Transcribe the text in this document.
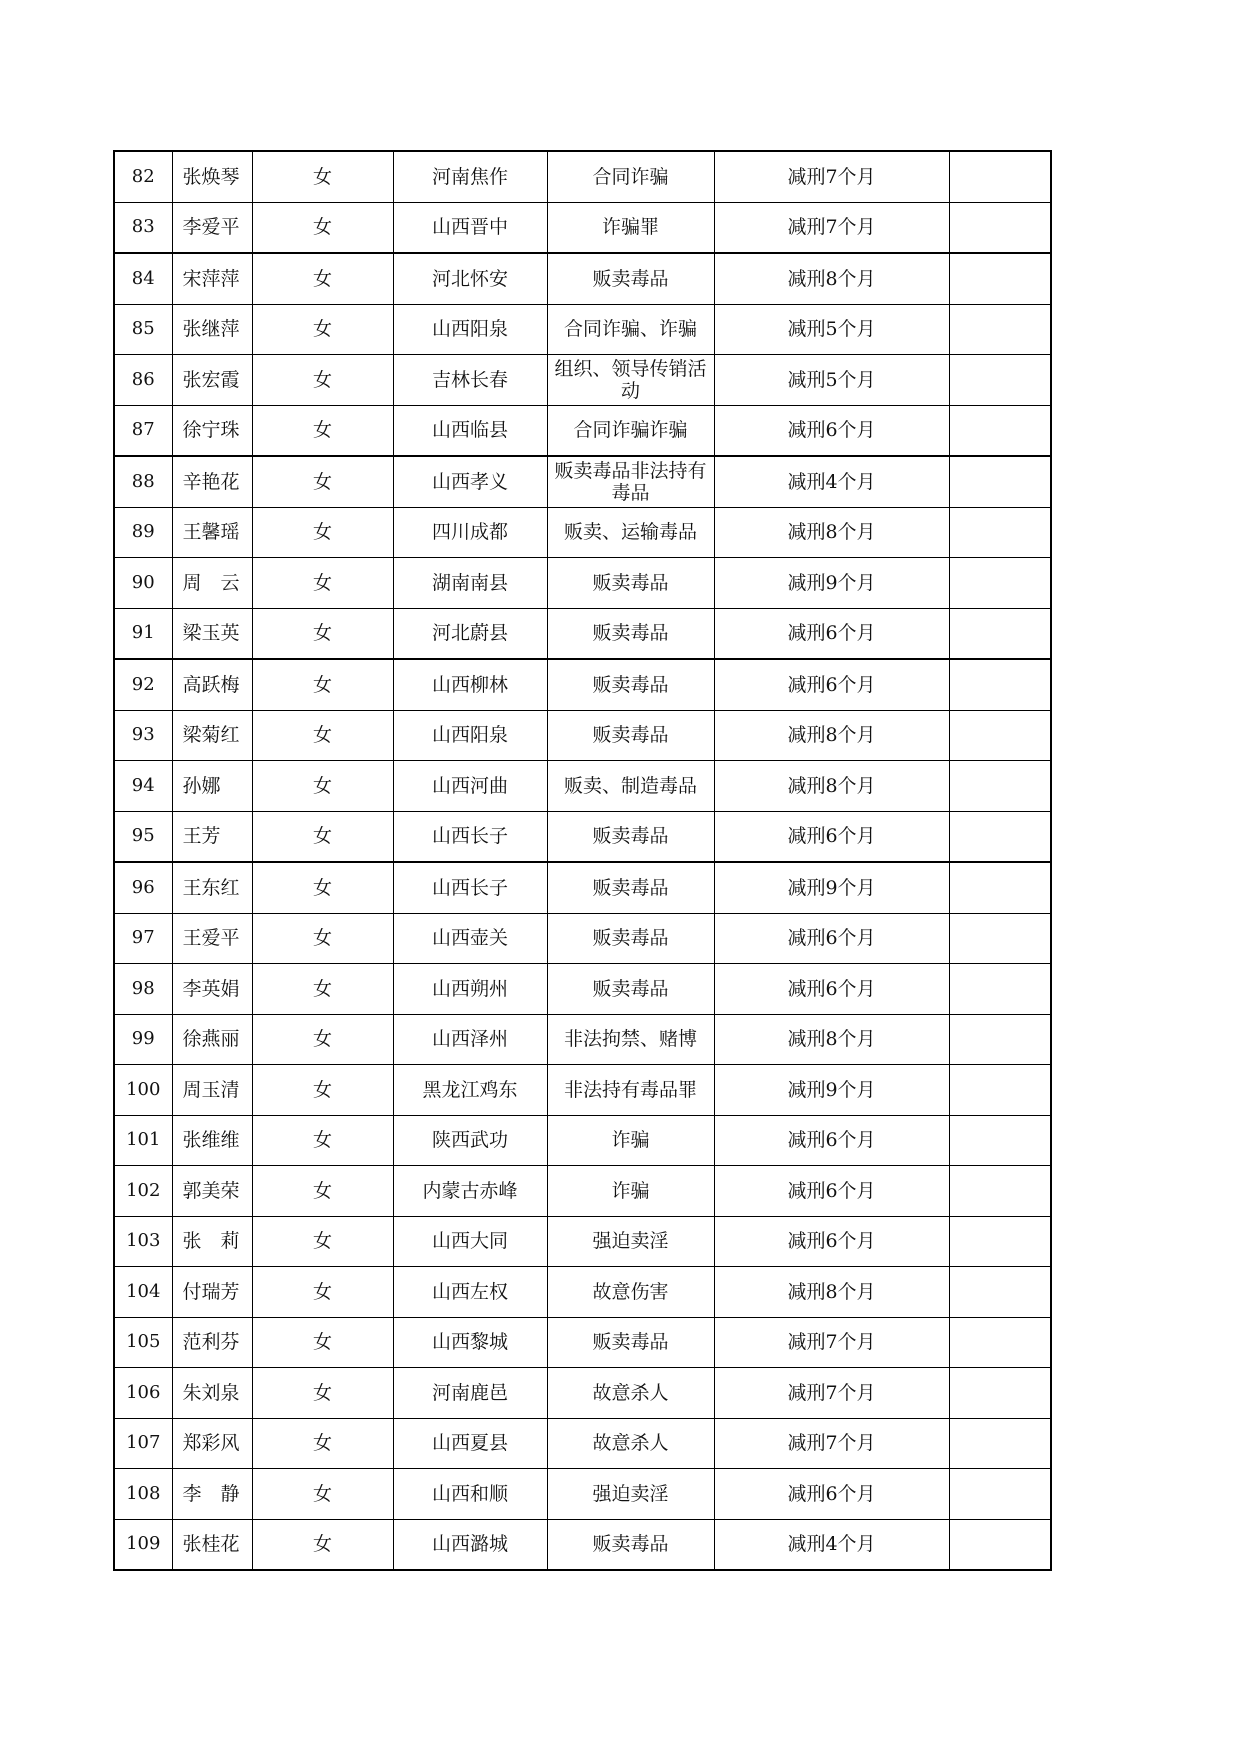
82	张焕琴	女	河南焦作	合同诈骗	减刑7个月	
83	李爱平	女	山西晋中	诈骗罪	减刑7个月	
84	宋萍萍	女	河北怀安	贩卖毒品	减刑8个月	
85	张继萍	女	山西阳泉	合同诈骗、诈骗	减刑5个月	
86	张宏霞	女	吉林长春	组织、领导传销活动	减刑5个月	
87	徐宁珠	女	山西临县	合同诈骗诈骗	减刑6个月	
88	辛艳花	女	山西孝义	贩卖毒品非法持有毒品	减刑4个月	
89	王馨瑶	女	四川成都	贩卖、运输毒品	减刑8个月	
90	周　云	女	湖南南县	贩卖毒品	减刑9个月	
91	梁玉英	女	河北蔚县	贩卖毒品	减刑6个月	
92	高跃梅	女	山西柳林	贩卖毒品	减刑6个月	
93	梁菊红	女	山西阳泉	贩卖毒品	减刑8个月	
94	孙娜	女	山西河曲	贩卖、制造毒品	减刑8个月	
95	王芳	女	山西长子	贩卖毒品	减刑6个月	
96	王东红	女	山西长子	贩卖毒品	减刑9个月	
97	王爱平	女	山西壶关	贩卖毒品	减刑6个月	
98	李英娟	女	山西朔州	贩卖毒品	减刑6个月	
99	徐燕丽	女	山西泽州	非法拘禁、赌博	减刑8个月	
100	周玉清	女	黑龙江鸡东	非法持有毒品罪	减刑9个月	
101	张维维	女	陕西武功	诈骗	减刑6个月	
102	郭美荣	女	内蒙古赤峰	诈骗	减刑6个月	
103	张　莉	女	山西大同	强迫卖淫	减刑6个月	
104	付瑞芳	女	山西左权	故意伤害	减刑8个月	
105	范利芬	女	山西黎城	贩卖毒品	减刑7个月	
106	朱刘泉	女	河南鹿邑	故意杀人	减刑7个月	
107	郑彩风	女	山西夏县	故意杀人	减刑7个月	
108	李　静	女	山西和顺	强迫卖淫	减刑6个月	
109	张桂花	女	山西潞城	贩卖毒品	减刑4个月	
